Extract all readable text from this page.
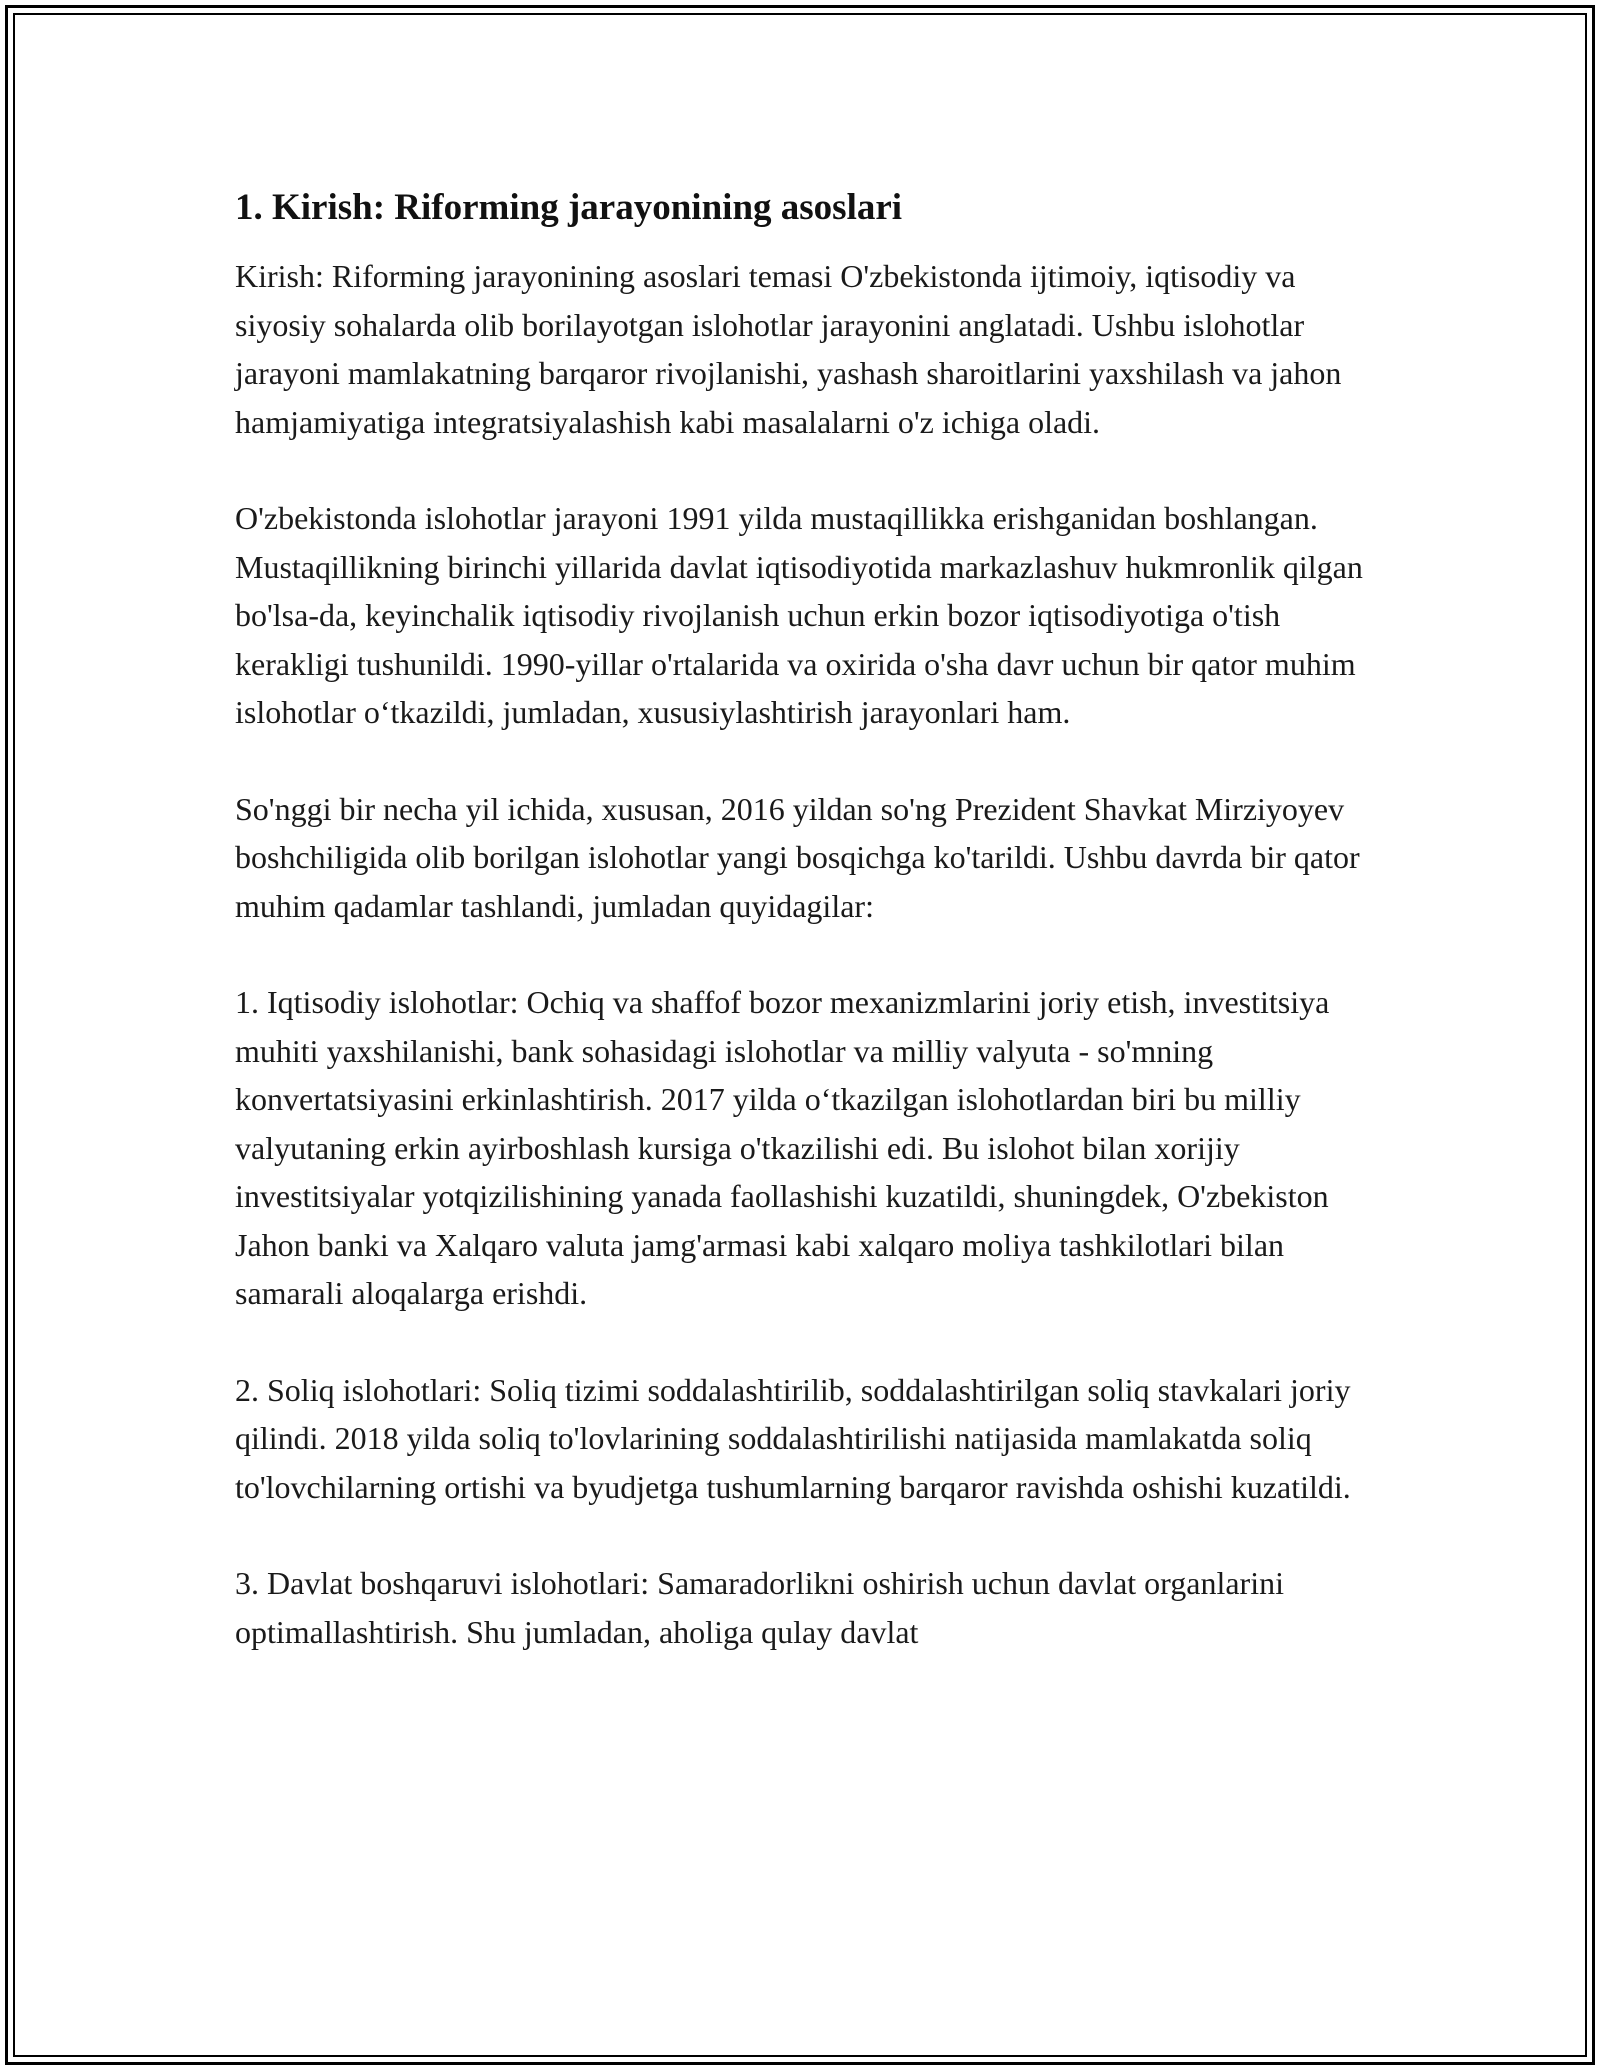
1. Kirish: Riforming jarayonining asoslari

Kirish: Riforming jarayonining asoslari temasi O'zbekistonda ijtimoiy, iqtisodiy va siyosiy sohalarda olib borilayotgan islohotlar jarayonini anglatadi. Ushbu islohotlar jarayoni mamlakatning barqaror rivojlanishi, yashash sharoitlarini yaxshilash va jahon hamjamiyatiga integratsiyalashish kabi masalalarni o'z ichiga oladi.

O'zbekistonda islohotlar jarayoni 1991 yilda mustaqillikka erishganidan boshlangan. Mustaqillikning birinchi yillarida davlat iqtisodiyotida markazlashuv hukmronlik qilgan bo'lsa-da, keyinchalik iqtisodiy rivojlanish uchun erkin bozor iqtisodiyotiga o'tish kerakligi tushunildi. 1990-yillar o'rtalarida va oxirida o'sha davr uchun bir qator muhim islohotlar o‘tkazildi, jumladan, xususiylashtirish jarayonlari ham.

So'nggi bir necha yil ichida, xususan, 2016 yildan so'ng Prezident Shavkat Mirziyoyev boshchiligida olib borilgan islohotlar yangi bosqichga ko'tarildi. Ushbu davrda bir qator muhim qadamlar tashlandi, jumladan quyidagilar:

1. Iqtisodiy islohotlar: Ochiq va shaffof bozor mexanizmlarini joriy etish, investitsiya muhiti yaxshilanishi, bank sohasidagi islohotlar va milliy valyuta - so'mning konvertatsiyasini erkinlashtirish. 2017 yilda o‘tkazilgan islohotlardan biri bu milliy valyutaning erkin ayirboshlash kursiga o'tkazilishi edi. Bu islohot bilan xorijiy investitsiyalar yotqizilishining yanada faollashishi kuzatildi, shuningdek, O'zbekiston Jahon banki va Xalqaro valuta jamg'armasi kabi xalqaro moliya tashkilotlari bilan samarali aloqalarga erishdi.

2. Soliq islohotlari: Soliq tizimi soddalashtirilib, soddalashtirilgan soliq stavkalari joriy qilindi. 2018 yilda soliq to'lovlarining soddalashtirilishi natijasida mamlakatda soliq to'lovchilarning ortishi va byudjetga tushumlarning barqaror ravishda oshishi kuzatildi.

3. Davlat boshqaruvi islohotlari: Samaradorlikni oshirish uchun davlat organlarini optimallashtirish. Shu jumladan, aholiga qulay davlat
